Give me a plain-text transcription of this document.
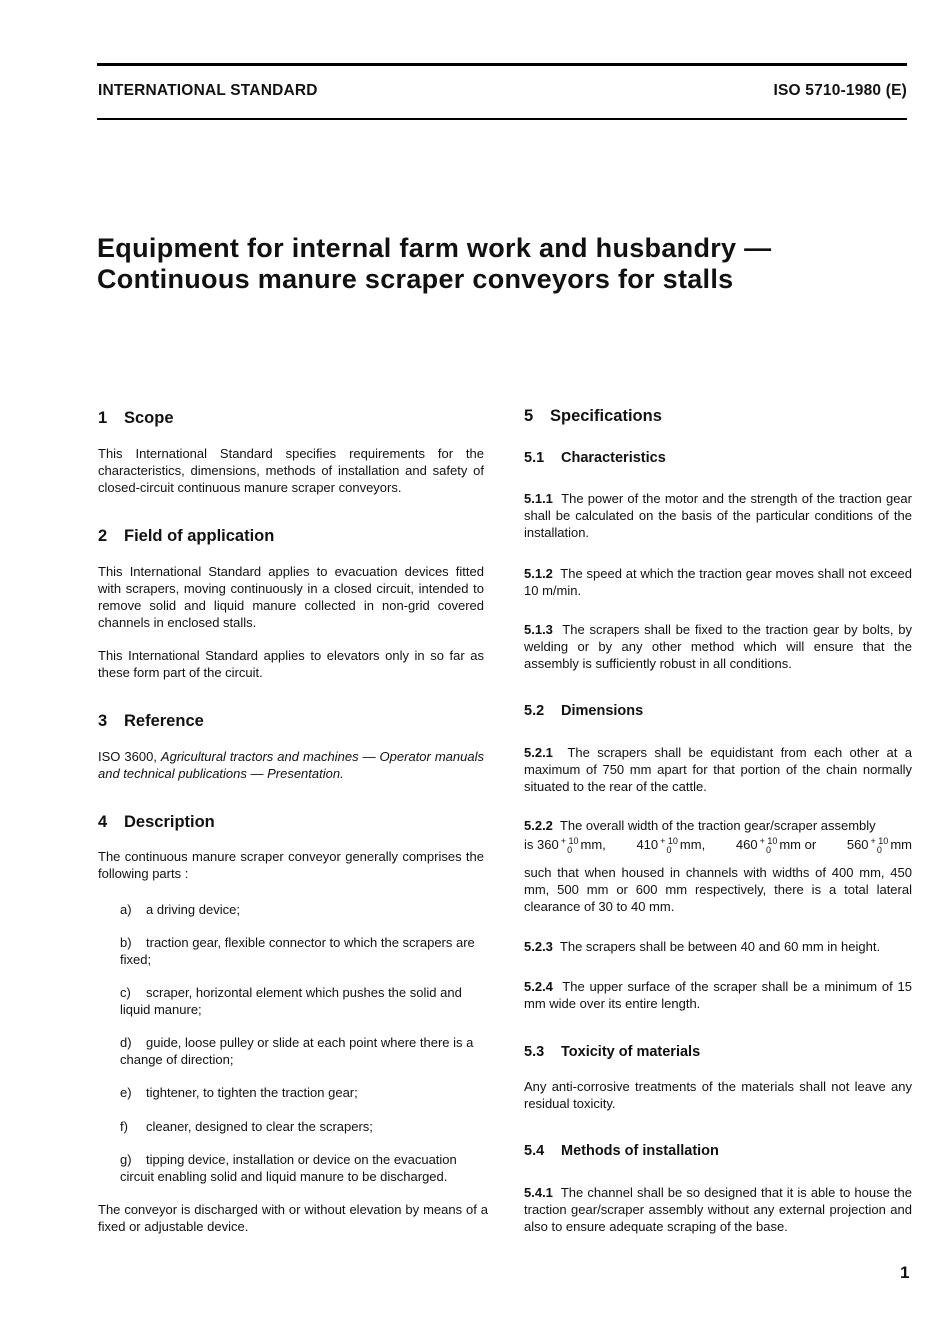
INTERNATIONAL STANDARD	ISO 5710-1980 (E)
Equipment for internal farm work and husbandry —
Continuous manure scraper conveyors for stalls
1 Scope

This International Standard specifies requirements for the characteristics, dimensions, methods of installation and safety of closed-circuit continuous manure scraper conveyors.

2 Field of application

This International Standard applies to evacuation devices fitted with scrapers, moving continuously in a closed circuit, intended to remove solid and liquid manure collected in non-grid covered channels in enclosed stalls.

This International Standard applies to elevators only in so far as these form part of the circuit.

3 Reference

ISO 3600, Agricultural tractors and machines — Operator manuals and technical publications — Presentation.

4 Description

The continuous manure scraper conveyor generally comprises the following parts :

a) a driving device;

b) traction gear, flexible connector to which the scrapers are fixed;

c) scraper, horizontal element which pushes the solid and liquid manure;

d) guide, loose pulley or slide at each point where there is a change of direction;

e) tightener, to tighten the traction gear;

f) cleaner, designed to clear the scrapers;

g) tipping device, installation or device on the evacuation circuit enabling solid and liquid manure to be discharged.

The conveyor is discharged with or without elevation by means of a fixed or adjustable device.

5 Specifications
5.1 Characteristics

5.1.1 The power of the motor and the strength of the traction gear shall be calculated on the basis of the particular conditions of the installation.

5.1.2 The speed at which the traction gear moves shall not exceed 10 m/min.

5.1.3 The scrapers shall be fixed to the traction gear by bolts, by welding or by any other method which will ensure that the assembly is sufficiently robust in all conditions.

5.2 Dimensions

5.2.1 The scrapers shall be equidistant from each other at a maximum of 750 mm apart for that portion of the chain normally situated to the rear of the cattle.

5.2.2 The overall width of the traction gear/scraper assembly

is 360 + 10
0 mm, 410 + 10
0 mm, 460 + 10
0 mm or 560 + 10
0 mm

such that when housed in channels with widths of 400 mm, 450 mm, 500 mm or 600 mm respectively, there is a total lateral clearance of 30 to 40 mm.

5.2.3 The scrapers shall be between 40 and 60 mm in height.

5.2.4 The upper surface of the scraper shall be a minimum of 15 mm wide over its entire length.

5.3 Toxicity of materials

Any anti-corrosive treatments of the materials shall not leave any residual toxicity.

5.4 Methods of installation

5.4.1 The channel shall be so designed that it is able to house the traction gear/scraper assembly without any external projection and also to ensure adequate scraping of the base.

1
